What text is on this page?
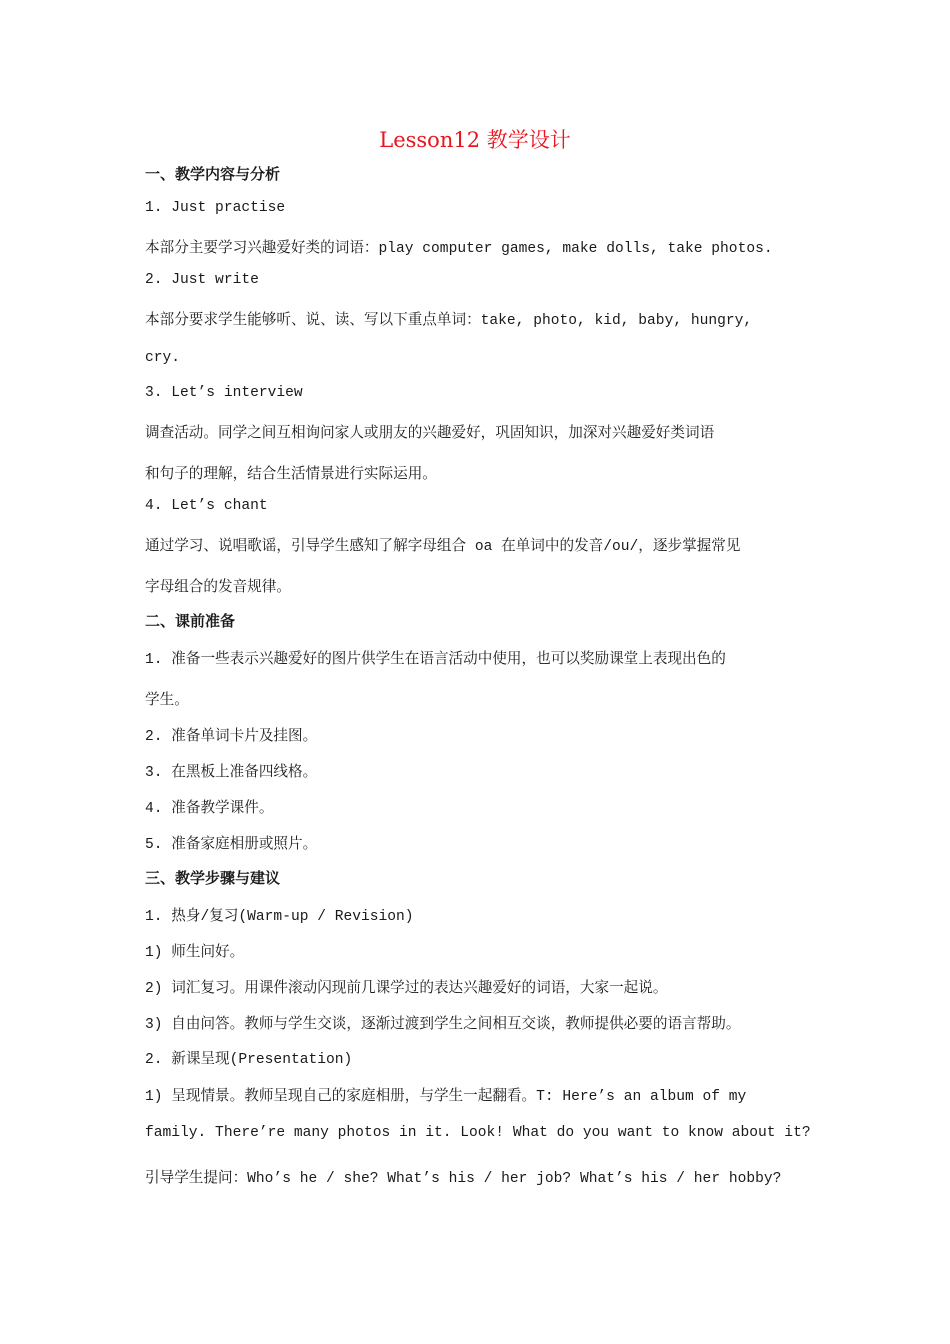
Lesson12 教学设计
一、教学内容与分析
1. Just practise
本部分主要学习兴趣爱好类的词语：play computer games, make dolls, take photos.
2. Just write
本部分要求学生能够听、说、读、写以下重点单词：take, photo, kid, baby, hungry,
cry.
3. Let’s interview
调查活动。同学之间互相询问家人或朋友的兴趣爱好，巩固知识，加深对兴趣爱好类词语
和句子的理解，结合生活情景进行实际运用。
4. Let’s chant
通过学习、说唱歌谣，引导学生感知了解字母组合 oa 在单词中的发音/ou/，逐步掌握常见
字母组合的发音规律。
二、课前准备
1. 准备一些表示兴趣爱好的图片供学生在语言活动中使用，也可以奖励课堂上表现出色的
学生。
2. 准备单词卡片及挂图。
3. 在黑板上准备四线格。
4. 准备教学课件。
5. 准备家庭相册或照片。
三、教学步骤与建议
1. 热身/复习(Warm-up / Revision)
1) 师生问好。
2) 词汇复习。用课件滚动闪现前几课学过的表达兴趣爱好的词语，大家一起说。
3) 自由问答。教师与学生交谈，逐渐过渡到学生之间相互交谈，教师提供必要的语言帮助。
2. 新课呈现(Presentation)
1) 呈现情景。教师呈现自己的家庭相册，与学生一起翻看。T: Here’s an album of my
family. There’re many photos in it. Look! What do you want to know about it?
引导学生提问：Who’s he / she? What’s his / her job? What’s his / her hobby?
